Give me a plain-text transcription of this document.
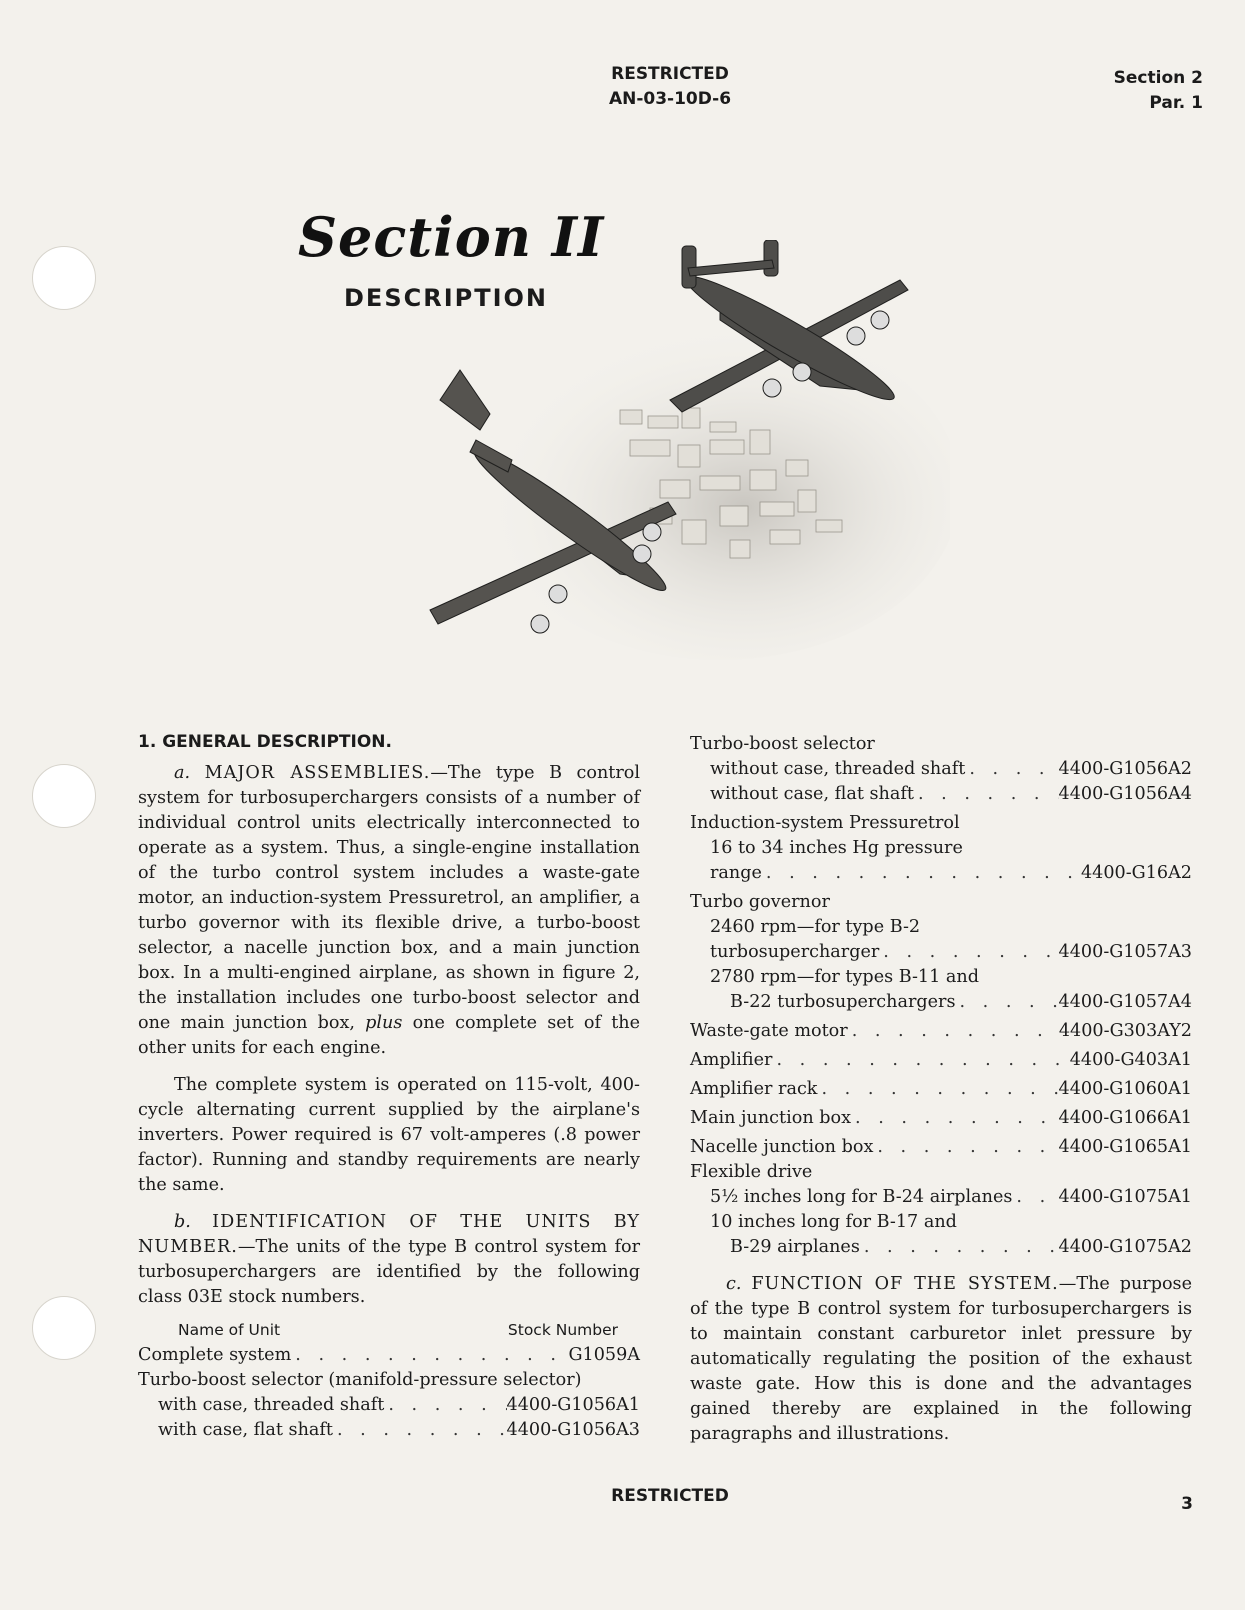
RESTRICTED
AN-03-10D-6
Section 2
Par. 1
Section II
DESCRIPTION
1. GENERAL DESCRIPTION.

a. MAJOR ASSEMBLIES.—The type B control system for turbosuperchargers consists of a number of individual control units electrically interconnected to operate as a system. Thus, a single-engine installation of the turbo control system includes a waste-gate motor, an induction-system Pressuretrol, an amplifier, a turbo governor with its flexible drive, a turbo-boost selector, a nacelle junction box, and a main junction box. In a multi-engined airplane, as shown in figure 2, the installation includes one turbo-boost selector and one main junction box, plus one complete set of the other units for each engine.

The complete system is operated on 115-volt, 400-cycle alternating current supplied by the airplane's inverters. Power required is 67 volt-amperes (.8 power factor). Running and standby requirements are nearly the same.

b. IDENTIFICATION OF THE UNITS BY NUMBER.—The units of the type B control system for turbosuperchargers are identified by the following class 03E stock numbers.

Name of Unit	Stock Number
Complete system . . .	G1059A
Turbo-boost selector (manifold-pressure selector)
with case, threaded shaft . . .	4400-G1056A1
with case, flat shaft . . .	4400-G1056A3
Turbo-boost selector
without case, threaded shaft . . .	4400-G1056A2
without case, flat shaft . . .	4400-G1056A4
Induction-system Pressuretrol
16 to 34 inches Hg pressure
range . . .	4400-G16A2
Turbo governor
2460 rpm—for type B-2
turbosupercharger . . .	4400-G1057A3
2780 rpm—for types B-11 and
B-22 turbosuperchargers . . .	4400-G1057A4
Waste-gate motor . . .	4400-G303AY2
Amplifier . . .	4400-G403A1
Amplifier rack . . .	4400-G1060A1
Main junction box . . .	4400-G1066A1
Nacelle junction box . . .	4400-G1065A1
Flexible drive
5½ inches long for B-24 airplanes . . .	4400-G1075A1
10 inches long for B-17 and
B-29 airplanes . . .	4400-G1075A2

c. FUNCTION OF THE SYSTEM.—The purpose of the type B control system for turbosuperchargers is to maintain constant carburetor inlet pressure by automatically regulating the position of the exhaust waste gate. How this is done and the advantages gained thereby are explained in the following paragraphs and illustrations.

RESTRICTED	3
